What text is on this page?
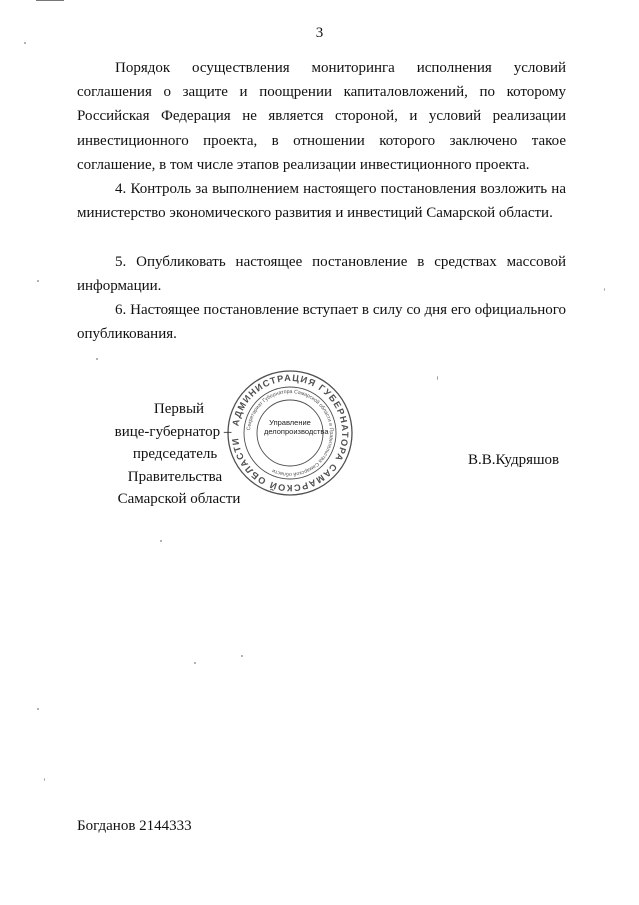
3

Порядок осуществления мониторинга исполнения условий соглашения о защите и поощрении капиталовложений, по которому Российская Федерация не является стороной, и условий реализации инвестиционного проекта, в отношении которого заключено такое соглашение, в том числе этапов реализации инвестиционного проекта.

4. Контроль за выполнением настоящего постановления возложить на министерство экономического развития и инвестиций Самарской области.

5. Опубликовать настоящее постановление в средствах массовой информации.

6. Настоящее постановление вступает в силу со дня его официального опубликования.

Первый
вице-губернатор –
председатель Правительства
Самарской области
АДМИНИСТРАЦИЯ ГУБЕРНАТОРА САМАРСКОЙ ОБЛАСТИ
Секретариат Губернатора Самарской области и Правительства Самарской области
Управление делопроизводства
В.В.Кудряшов
Богданов 2144333
